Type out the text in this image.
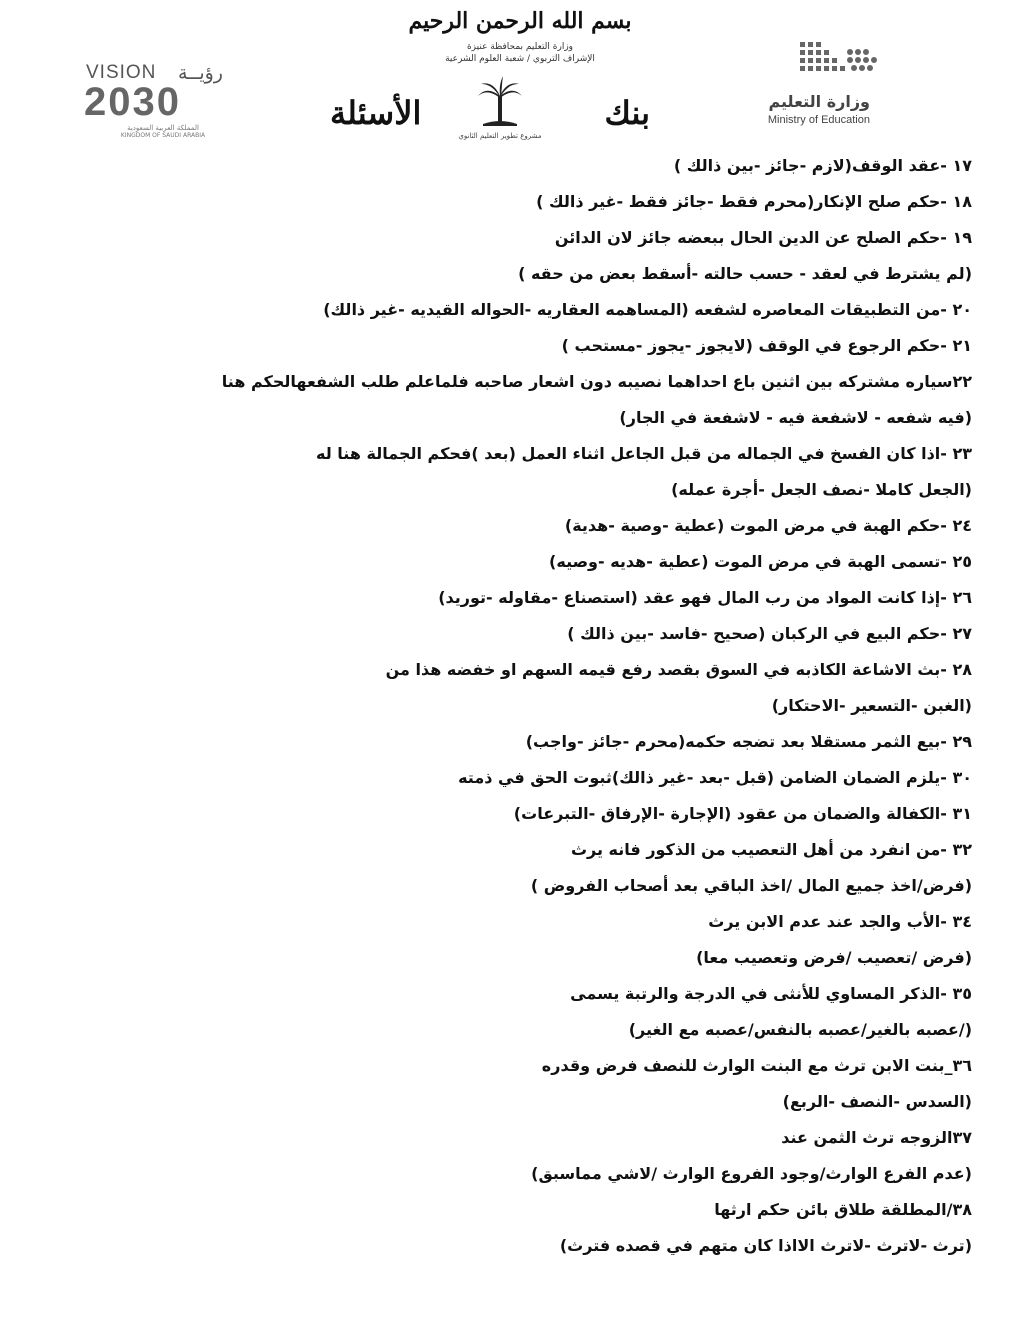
بسم الله الرحمن الرحيم
وزارة التعليم بمحافظة عنيزة
الإشراف التربوي / شعبة العلوم الشرعية
VISION رؤيــة
2030
المملكة العربية السعودية
KINGDOM OF SAUDI ARABIA
الأسئلة	بنك
مشروع تطوير التعليم الثانوي
وزارة التعليم
Ministry of Education
١٧ -عقد الوقف(لازم -جائز -بين ذالك )
١٨ -حكم صلح الإنكار(محرم فقط -جائز فقط -غير ذالك )
١٩ -حكم الصلح عن الدين الحال ببعضه جائز لان الدائن
(لم يشترط في لعقد - حسب حالته -أسقط بعض من حقه )
٢٠ -من التطبيقات المعاصره لشفعه (المساهمه العقاريه -الحواله القيديه -غير ذالك)
٢١ -حكم الرجوع في الوقف (لايجوز -يجوز -مستحب )
٢٢سياره مشتركه بين اثنين باع احداهما نصيبه دون اشعار صاحبه فلماعلم طلب الشفعهالحكم هنا
(فيه شفعه - لاشفعة فيه - لاشفعة في الجار)
٢٣ -اذا كان الفسخ في الجماله من قبل الجاعل اثناء العمل (بعد )فحكم الجمالة هنا له
(الجعل كاملا -نصف الجعل -أجرة عمله)
٢٤ -حكم الهبة في مرض الموت (عطية -وصية -هدية)
٢٥ -تسمى الهبة في مرض الموت (عطية -هديه -وصيه)
٢٦ -إذا كانت المواد من رب المال فهو عقد (استصناع -مقاوله -توريد)
٢٧ -حكم البيع في الركبان (صحيح -فاسد -بين ذالك )
٢٨ -بث الاشاعة الكاذبه في السوق بقصد رفع قيمه السهم او خفضه هذا من
(الغبن -التسعير -الاحتكار)
٢٩ -بيع الثمر مستقلا بعد تضجه حكمه(محرم -جائز -واجب)
٣٠ -يلزم الضمان الضامن (قبل -بعد -غير ذالك)ثبوت الحق في ذمته
٣١ -الكفالة والضمان من عقود (الإجارة -الإرفاق -التبرعات)
٣٢ -من انفرد من أهل التعصيب من الذكور فانه يرث
(فرض/اخذ جميع المال /اخذ الباقي بعد أصحاب الفروض )
٣٤ -الأب والجد عند عدم الابن يرث
(فرض /تعصيب /فرض وتعصيب معا)
٣٥ -الذكر المساوي للأنثى في الدرجة والرتبة يسمى
(/عصبه بالغير/عصبه بالنفس/عصبه مع الغير)
٣٦_بنت الابن ترث مع البنت الوارث للنصف فرض وقدره
(السدس -النصف -الربع)
٣٧الزوجه ترث الثمن عند
(عدم الفرع الوارث/وجود الفروع الوارث /لاشي مماسبق)
٣٨/المطلقة طلاق بائن حكم ارثها
(ترث -لاترث -لاترث الااذا كان متهم في قصده فترث)
